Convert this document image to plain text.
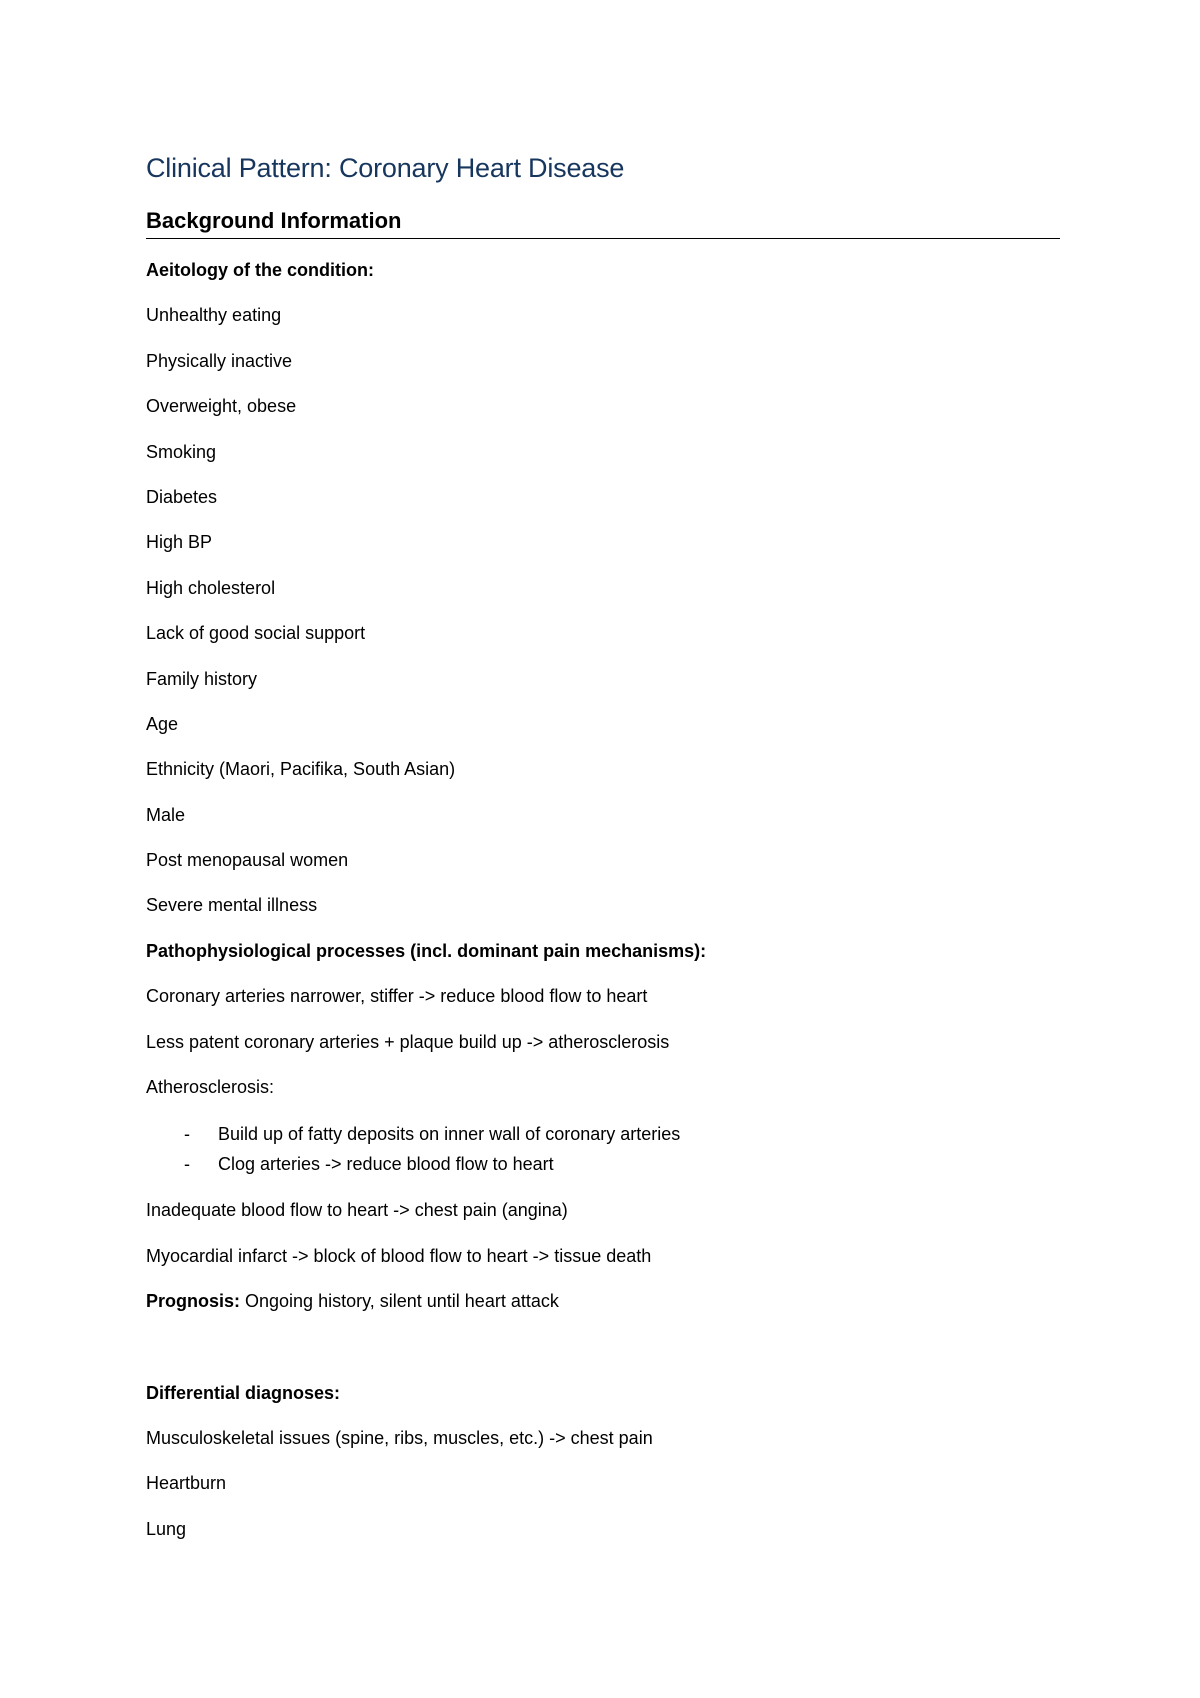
Clinical Pattern: Coronary Heart Disease
Background Information

Aeitology of the condition:

Unhealthy eating

Physically inactive

Overweight, obese

Smoking

Diabetes

High BP

High cholesterol

Lack of good social support

Family history

Age

Ethnicity (Maori, Pacifika, South Asian)

Male

Post menopausal women

Severe mental illness

Pathophysiological processes (incl. dominant pain mechanisms):

Coronary arteries narrower, stiffer -> reduce blood flow to heart

Less patent coronary arteries + plaque build up -> atherosclerosis

Atherosclerosis:

- Build up of fatty deposits on inner wall of coronary arteries
- Clog arteries -> reduce blood flow to heart

Inadequate blood flow to heart -> chest pain (angina)

Myocardial infarct -> block of blood flow to heart -> tissue death

Prognosis: Ongoing history, silent until heart attack

Differential diagnoses:

Musculoskeletal issues (spine, ribs, muscles, etc.) -> chest pain

Heartburn

Lung
